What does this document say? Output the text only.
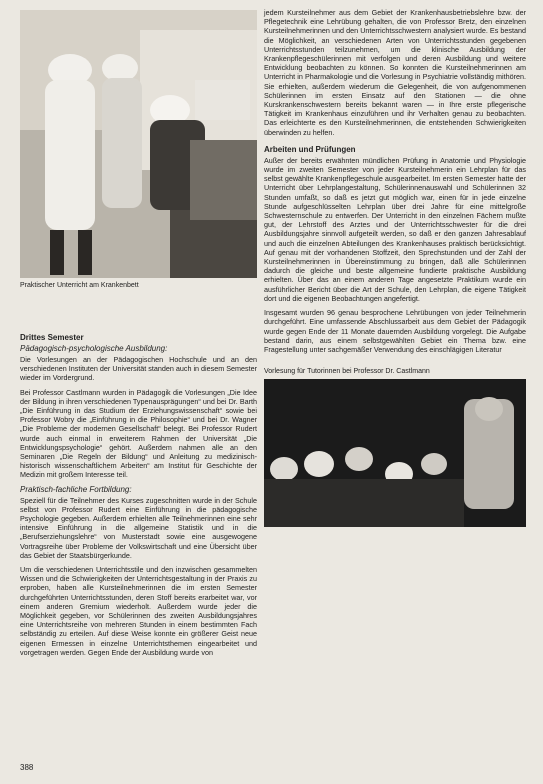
Praktischer Unterricht am Krankenbett
Drittes Semester
Pädagogisch-psychologische Ausbildung:

Die Vorlesungen an der Pädagogischen Hochschule und an den verschiedenen Instituten der Universität standen auch in diesem Semester wieder im Vordergrund.

Bei Professor Castlmann wurden in Pädagogik die Vorlesungen „Die Idee der Bildung in ihren verschiedenen Typenausprägungen“ und bei Dr. Barth „Die Einführung in das Studium der Erziehungswissenschaft“ sowie bei Professor Wobry die „Einführung in die Philosophie“ und bei Dr. Wagner „Die Probleme der modernen Gesellschaft“ belegt. Bei Professor Rudert wurde auch einmal in erweiterem Rahmen der Universität „Die Entwicklungspsychologie“ gehört. Außerdem nahmen alle an den Seminaren „Die Regeln der Bildung“ und Anleitung zu medizinisch-historisch wissenschaftlichem Arbeiten“ am Institut für Geschichte der Medizin mit großem Interesse teil.

Praktisch-fachliche Fortbildung:

Speziell für die Teilnehmer des Kurses zugeschnitten wurde in der Schule selbst von Professor Rudert eine Einführung in die pädagogische Psychologie gegeben. Außerdem erhielten alle Teilnehmerinnen eine sehr intensive Einführung in die allgemeine Statistik und in die „Berufserziehungslehre“ von Musterstadt sowie eine ausgewogene Vortragsreihe über Probleme der Volkswirtschaft und eine Übersicht über das Gebiet der Staatsbürgerkunde.

Um die verschiedenen Unterrichtsstile und den inzwischen gesammelten Wissen und die Schwierigkeiten der Unterrichtsgestaltung in der Praxis zu erproben, haben alle Kursteilnehmerinnen die im ersten Semester durchgeführten Unterrichtsstunden, deren Stoff bereits erarbeitet war, vor einem anderen Gremium wiederholt. Außerdem wurde jeder die Möglichkeit gegeben, vor Schülerinnen des zweiten Ausbildungsjahres eine Unterrichtsreihe von mehreren Stunden in einem bestimmten Fach selbständig zu erteilen. Auf diese Weise konnte ein größerer Geist neue eigenen Ermessen in einzelne Unterrichtsthemen eingearbeitet und vorgetragen werden. Gegen Ende der Ausbildung wurde von

jedem Kursteilnehmer aus dem Gebiet der Krankenhausbetriebslehre bzw. der Pflegetechnik eine Lehrübung gehalten, die von Professor Bretz, den einzelnen Kursteilnehmerinnen und den Unterrichtsschwestern analysiert wurde. Es bestand die Möglichkeit, an verschiedenen Arten von Unterrichtsstunden gegebenen Unterrichtsstunden teilzunehmen, um die klinische Ausbildung der Krankenpflegeschülerinnen mit verfolgen und deren Ausbildung und weitere Entwicklung beobachten zu können. So konnten die Kursteilnehmerinnen am Unterricht in Pharmakologie und die Vorlesung in Psychiatrie vollständig mithören. Sie erhielten, außerdem wiederum die Gelegenheit, die von aufgenommenen Schülerinnen im ersten Einsatz auf den Stationen — die ohne Kurskrankenschwestern bereits bekannt waren — in Ihre erste pflegerische Tätigkeit im Krankenhaus einzuführen und ihr Verhalten genau zu beobachten. Das erleichterte es den Kursteilnehmerinnen, die entstehenden Schwierigkeiten überwinden zu helfen.

Arbeiten und Prüfungen

Außer der bereits erwähnten mündlichen Prüfung in Anatomie und Physiologie wurde im zweiten Semester von jeder Kursteilnehmerin ein Lehrplan für das selbst gewählte Krankenpflegeschule ausgearbeitet. Im ersten Semester hatte der Unterricht über Lehrplangestaltung, Schülerinnenauswahl und Schülerinnen 32 Stunden umfaßt, so daß es jetzt gut möglich war, einen für in jede einzelne Stunde aufgeschlüsselten Lehrplan über drei Jahre für eine mittelgroße Schwesternschule zu entwerfen. Der Unterricht in den einzelnen Fächern mußte gut, der Lehrstoff des Arztes und der Unterrichtsschwester für die drei Ausbildungsjahre sinnvoll aufgeteilt werden, so daß er den ganzen Jahresablauf und auch die einzelnen Abteilungen des Krankenhauses praktisch berücksichtigt. Auf genau mit der vorhandenen Stoffzeit, den Sprechstunden und der Zahl der Kursteilnehmerinnen in Übereinstimmung zu bringen, daß alle Schülerinnen dadurch die gleiche und beste allgemeine fundierte praktische Ausbildung erhielten. Über das an einem anderen Tage angesetzte Praktikum wurde ein ausführlicher Bericht über die Art der Schule, den Lehrplan, die eigene Tätigkeit dort und die eigenen Beobachtungen angefertigt.

Insgesamt wurden 96 genau besprochene Lehrübungen von jeder Teilnehmerin durchgeführt. Eine umfassende Abschlussarbeit aus dem Gebiet der Pädagogik wurde gegen Ende der 11 Monate dauernden Ausbildung vorgelegt. Die Aufgabe bestand darin, aus einem selbstgewählten Gebiet ein Thema bzw. eine Fragestellung unter sachgemäßer Verwendung des einschlägigen Literatur

Vorlesung für Tutorinnen bei Professor Dr. Castlmann
388
